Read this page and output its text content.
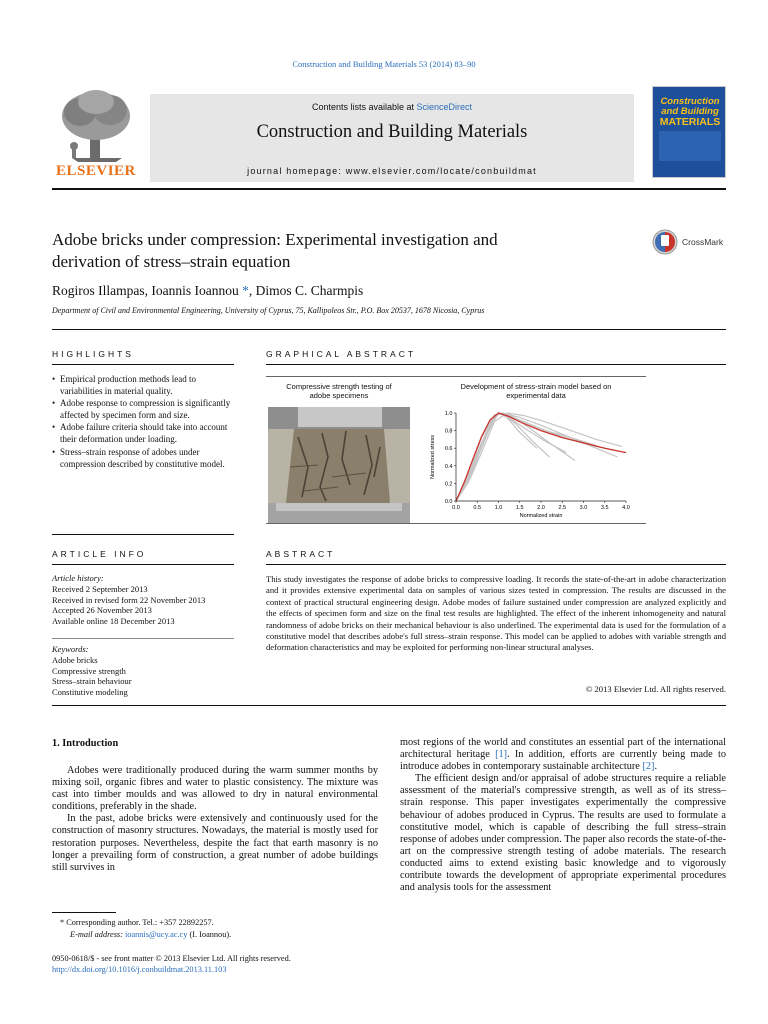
Construction and Building Materials 53 (2014) 83–90
ELSEVIER
Contents lists available at ScienceDirect
Construction and Building Materials
journal homepage: www.elsevier.com/locate/conbuildmat
Construction
and Building
MATERIALS
Adobe bricks under compression: Experimental investigation and
derivation of stress–strain equation
CrossMark
Rogiros Illampas, Ioannis Ioannou *, Dimos C. Charmpis
Department of Civil and Environmental Engineering, University of Cyprus, 75, Kallipoleos Str., P.O. Box 20537, 1678 Nicosia, Cyprus
HIGHLIGHTS
• Empirical production methods lead to variabilities in material quality.
• Adobe response to compression is significantly affected by specimen form and size.
• Adobe failure criteria should take into account their deformation under loading.
• Stress–strain response of adobes under compression described by constitutive model.
GRAPHICAL ABSTRACT
Compressive strength testing of
adobe specimens
Development of stress-strain model based on
experimental data
0.0 0.5 1.0 1.5 2.0 2.5 3.0 3.5 4.0
0.0
0.2
0.4
0.6
0.8
1.0
Normalized stress
Normalized strain
ARTICLE INFO
Article history:
Received 2 September 2013
Received in revised form 22 November 2013
Accepted 26 November 2013
Available online 18 December 2013
Keywords:
Adobe bricks
Compressive strength
Stress–strain behaviour
Constitutive modeling
ABSTRACT
This study investigates the response of adobe bricks to compressive loading. It records the state-of-the-art in adobe characterization and it provides extensive experimental data on samples of various sizes tested in compression. The results are discussed in the context of practical structural engineering design. Adobe modes of failure sustained under compression are analyzed explicitly and the effects of specimen form and size on the final test results are highlighted. The effect of the inherent inhomogeneity and natural randomness of adobe bricks on their mechanical behaviour is also underlined. The experimental data is used for the formulation of a constitutive model that describes adobe's full stress–strain response. This model can be applied to adobes with variable strength and deformation characteristics and may be exploited for performing non-linear structural analyses.
© 2013 Elsevier Ltd. All rights reserved.
1. Introduction

Adobes were traditionally produced during the warm summer months by mixing soil, organic fibres and water to plastic consistency. The mixture was cast into timber moulds and was allowed to dry in natural environmental conditions, preferably in the shade.

In the past, adobe bricks were extensively and continuously used for the construction of masonry structures. Nowadays, the material is mostly used for restoration purposes. Nevertheless, despite the fact that earth masonry is no longer a prevailing form of construction, a great number of adobe buildings still survives in

most regions of the world and constitutes an essential part of the international architectural heritage [1]. In addition, efforts are currently being made to introduce adobes in contemporary sustainable architecture [2].

The efficient design and/or appraisal of adobe structures require a reliable assessment of the material's compressive strength, as well as of its stress–strain response. This paper investigates experimentally the compressive behaviour of adobes produced in Cyprus. The results are used to formulate a constitutive model, which is capable of describing the full stress–strain response of adobes under compression. The paper also records the state-of-the-art on the compressive strength testing of adobe materials. The research conducted aims to extend existing basic knowledge and to vigorously contribute towards the development of appropriate experimental procedures and analysis tools for the assessment

* Corresponding author. Tel.: +357 22892257.
E-mail address: ioannis@ucy.ac.cy (I. Ioannou).
0950-0618/$ - see front matter © 2013 Elsevier Ltd. All rights reserved.
http://dx.doi.org/10.1016/j.conbuildmat.2013.11.103
